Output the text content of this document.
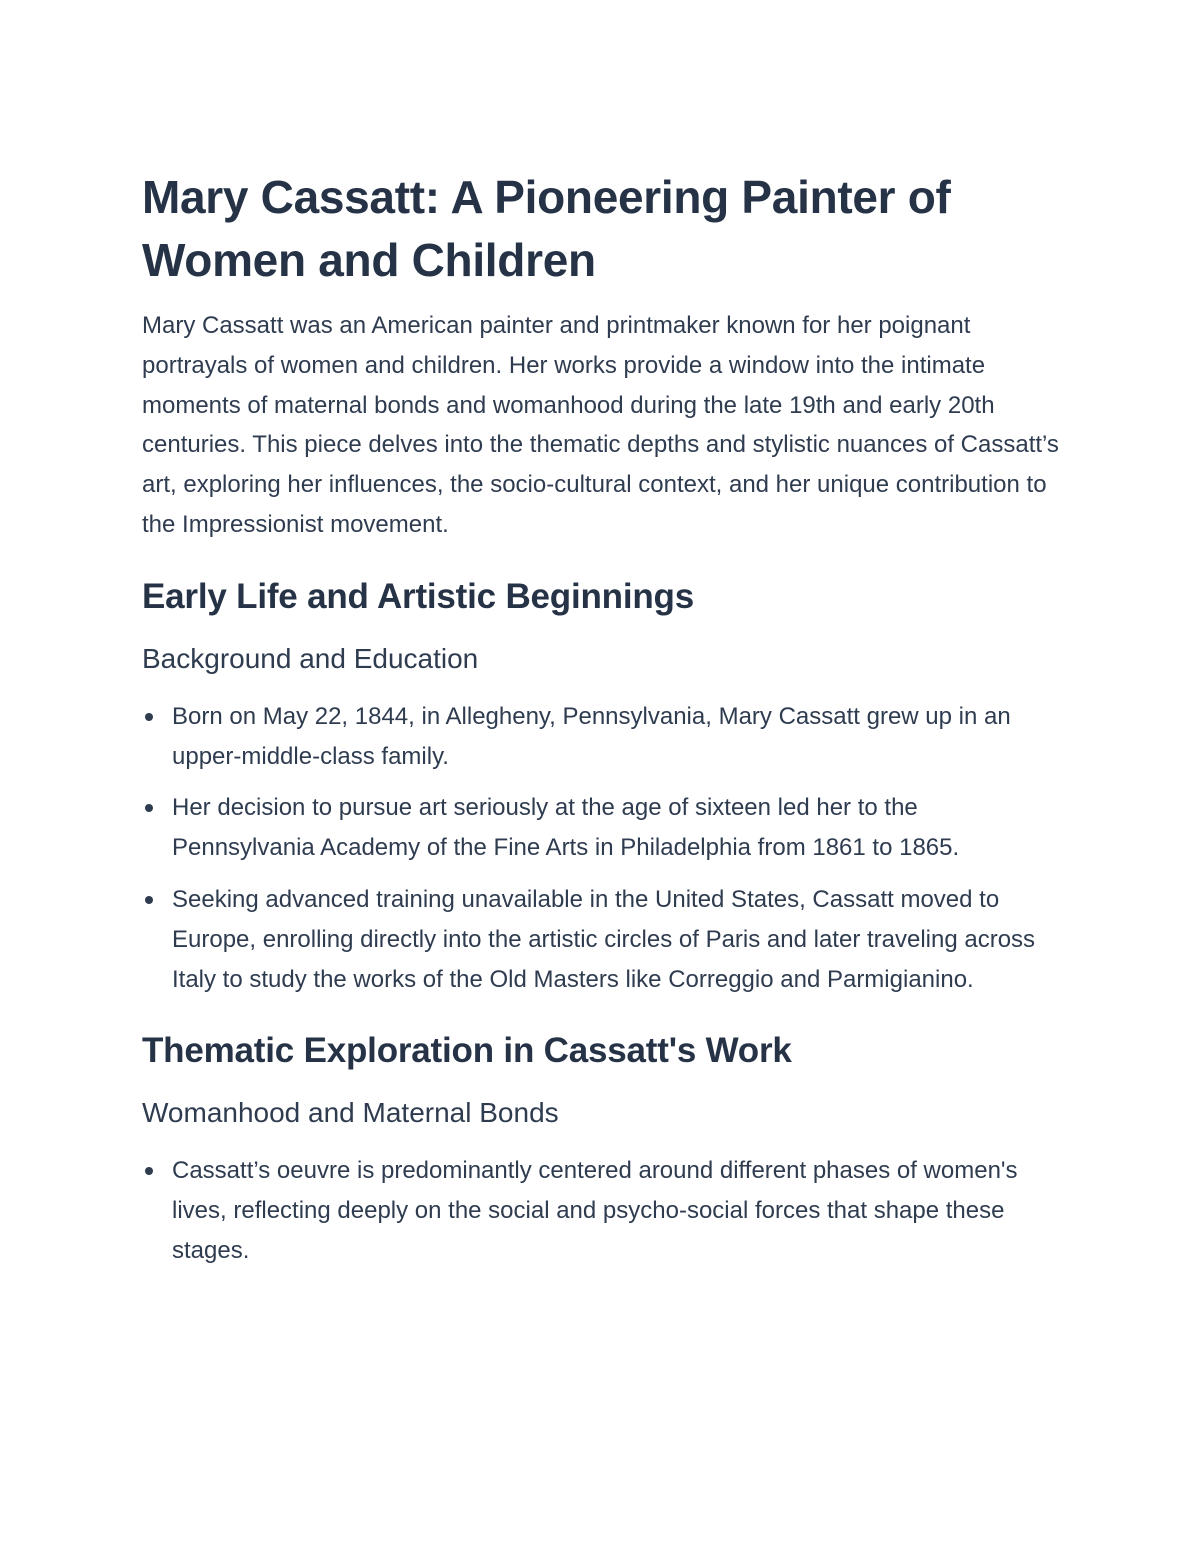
Mary Cassatt: A Pioneering Painter of Women and Children

Mary Cassatt was an American painter and printmaker known for her poignant portrayals of women and children. Her works provide a window into the intimate moments of maternal bonds and womanhood during the late 19th and early 20th centuries. This piece delves into the thematic depths and stylistic nuances of Cassatt’s art, exploring her influences, the socio-cultural context, and her unique contribution to the Impressionist movement.

Early Life and Artistic Beginnings
Background and Education
Born on May 22, 1844, in Allegheny, Pennsylvania, Mary Cassatt grew up in an upper-middle-class family.
Her decision to pursue art seriously at the age of sixteen led her to the Pennsylvania Academy of the Fine Arts in Philadelphia from 1861 to 1865.
Seeking advanced training unavailable in the United States, Cassatt moved to Europe, enrolling directly into the artistic circles of Paris and later traveling across Italy to study the works of the Old Masters like Correggio and Parmigianino.
Thematic Exploration in Cassatt's Work
Womanhood and Maternal Bonds
Cassatt’s oeuvre is predominantly centered around different phases of women's lives, reflecting deeply on the social and psycho-social forces that shape these stages.
